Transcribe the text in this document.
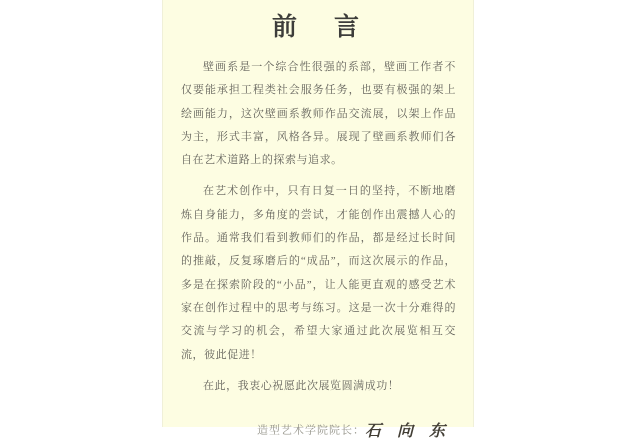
前　言

壁画系是一个综合性很强的系部，壁画工作者不仅要能承担工程类社会服务任务，也要有极强的架上绘画能力，这次壁画系教师作品交流展，以架上作品为主，形式丰富，风格各异。展现了壁画系教师们各自在艺术道路上的探索与追求。

在艺术创作中，只有日复一日的坚持，不断地磨炼自身能力，多角度的尝试，才能创作出震撼人心的作品。通常我们看到教师们的作品，都是经过长时间的推敲，反复琢磨后的“成品”，而这次展示的作品，多是在探索阶段的“小品”，让人能更直观的感受艺术家在创作过程中的思考与练习。这是一次十分难得的交流与学习的机会，希望大家通过此次展览相互交流，彼此促进！

在此，我衷心祝愿此次展览圆满成功！

造型艺术学院院长：石 向 东
